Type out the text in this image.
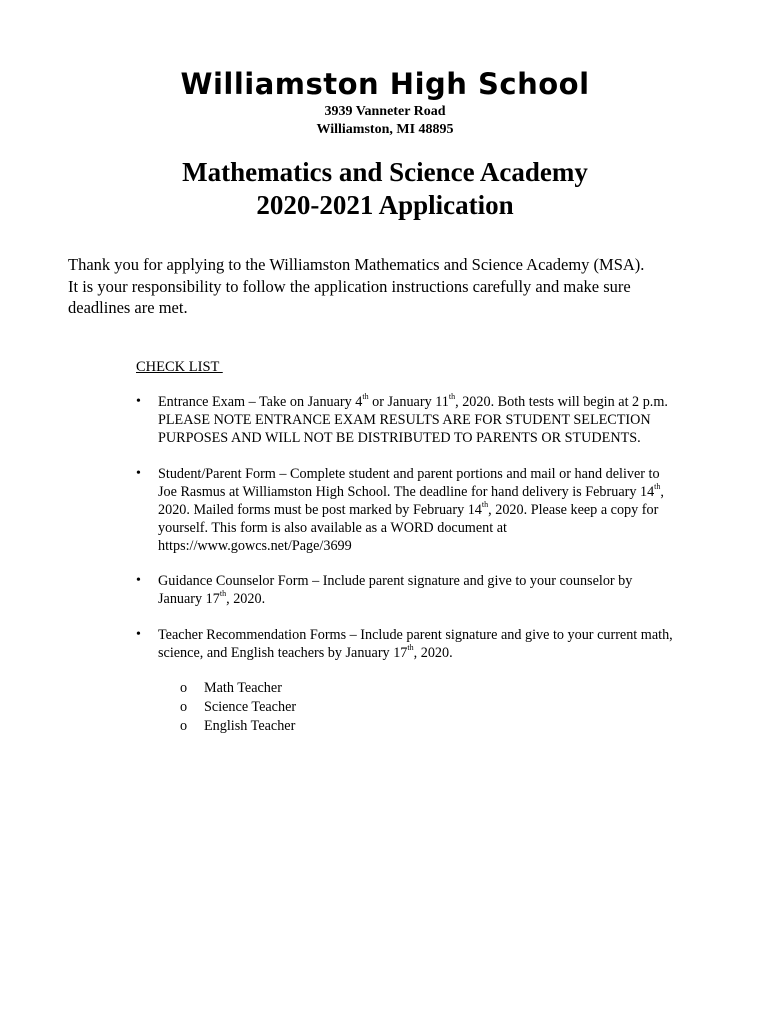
Williamston High School
3939 Vanneter Road
Williamston, MI 48895
Mathematics and Science Academy
2020-2021 Application
Thank you for applying to the Williamston Mathematics and Science Academy (MSA).
It is your responsibility to follow the application instructions carefully and make sure
deadlines are met.
CHECK LIST
•	Entrance Exam – Take on January 4th or January 11th, 2020. Both tests will begin at 2 p.m.
PLEASE NOTE ENTRANCE EXAM RESULTS ARE FOR STUDENT SELECTION
PURPOSES AND WILL NOT BE DISTRIBUTED TO PARENTS OR STUDENTS.
•	Student/Parent Form – Complete student and parent portions and mail or hand deliver to
Joe Rasmus at Williamston High School. The deadline for hand delivery is February 14th,
2020. Mailed forms must be post marked by February 14th, 2020. Please keep a copy for
yourself. This form is also available as a WORD document at
https://www.gowcs.net/Page/3699
•	Guidance Counselor Form – Include parent signature and give to your counselor by
January 17th, 2020.
•	Teacher Recommendation Forms – Include parent signature and give to your current math,
science, and English teachers by January 17th, 2020.
o Math Teacher
o Science Teacher
o English Teacher
